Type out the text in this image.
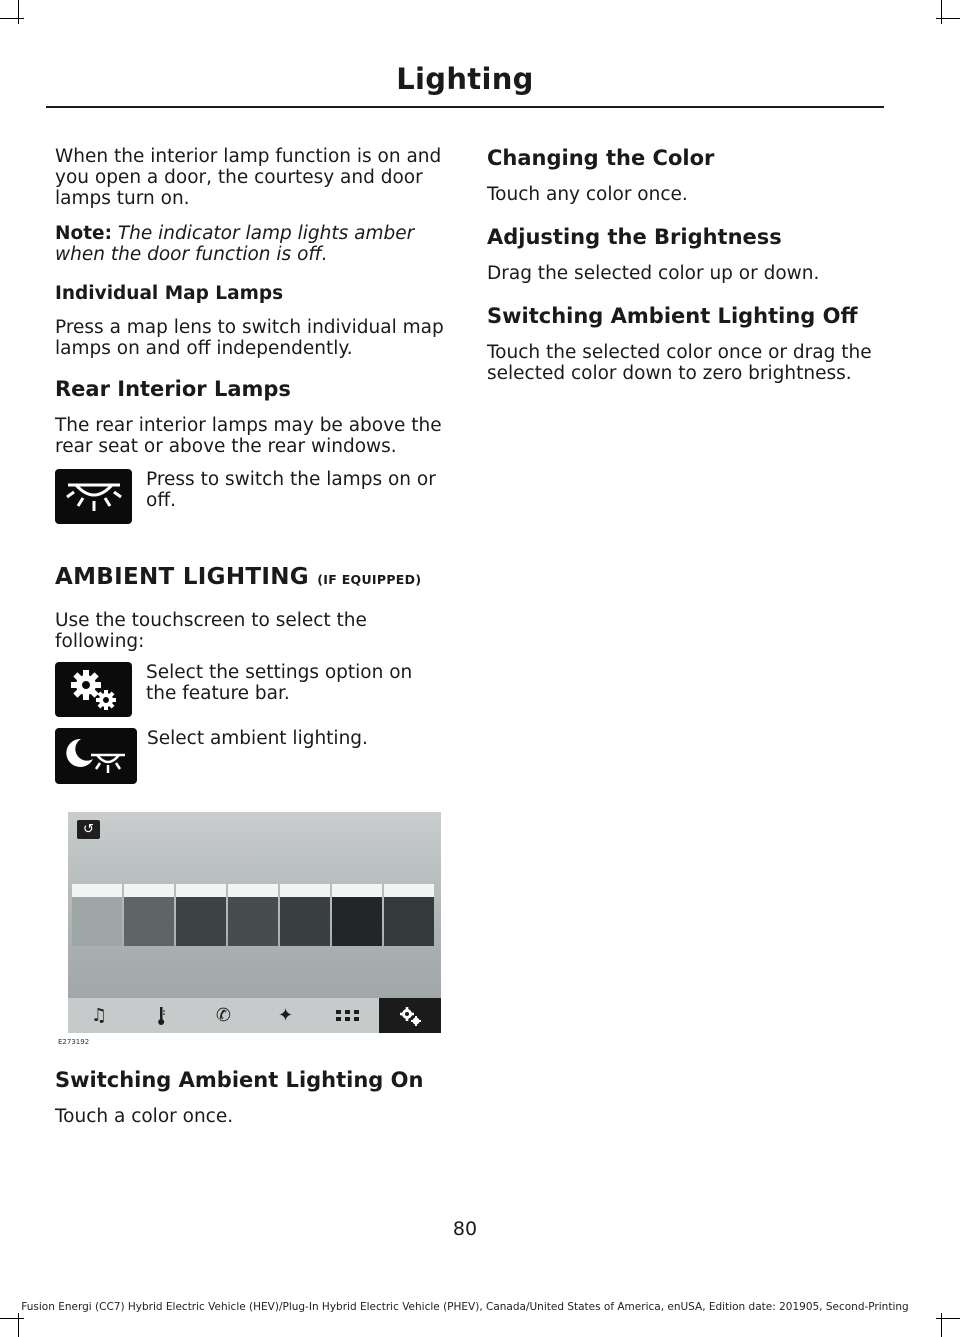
Lighting

When the interior lamp function is on and you open a door, the courtesy and door lamps turn on.

Note: The indicator lamp lights amber when the door function is off.

Individual Map Lamps

Press a map lens to switch individual map lamps on and off independently.

Rear Interior Lamps

The rear interior lamps may be above the rear seat or above the rear windows.

Press to switch the lamps on or off.

AMBIENT LIGHTING (IF EQUIPPED)

Use the touchscreen to select the following:

Select the settings option on the feature bar.

Select ambient lighting.

↺
♫	✆	✦
E273192
Switching Ambient Lighting On

Touch a color once.

Changing the Color

Touch any color once.

Adjusting the Brightness

Drag the selected color up or down.

Switching Ambient Lighting Off

Touch the selected color once or drag the selected color down to zero brightness.

80
Fusion Energi (CC7) Hybrid Electric Vehicle (HEV)/Plug-In Hybrid Electric Vehicle (PHEV), Canada/United States of America, enUSA, Edition date: 201905, Second-Printing
